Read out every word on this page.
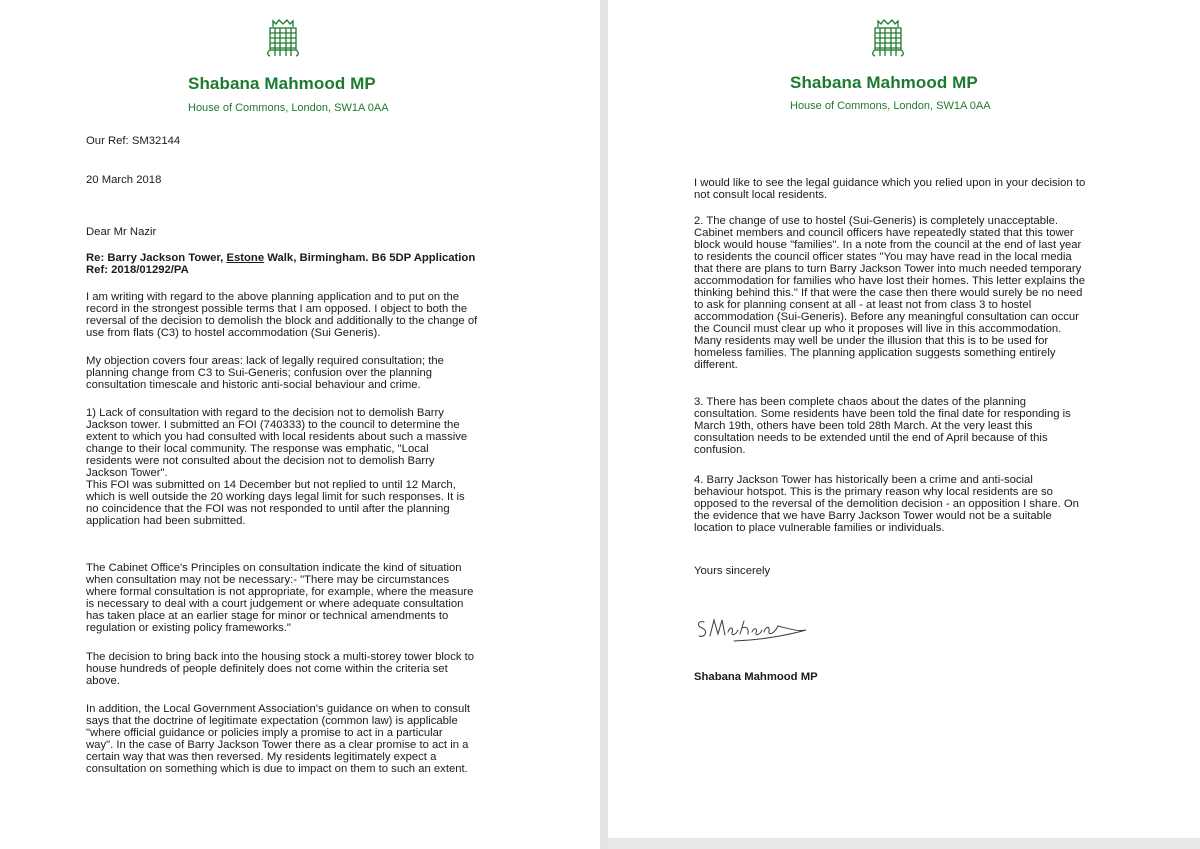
Shabana Mahmood MP
House of Commons, London, SW1A 0AA
Our Ref: SM32144
20 March 2018
Dear Mr Nazir
Re: Barry Jackson Tower, Estone Walk, Birmingham. B6 5DP Application
Ref: 2018/01292/PA
I am writing with regard to the above planning application and to put on the
record in the strongest possible terms that I am opposed. I object to both the
reversal of the decision to demolish the block and additionally to the change of
use from flats (C3) to hostel accommodation (Sui Generis).
My objection covers four areas: lack of legally required consultation; the
planning change from C3 to Sui-Generis; confusion over the planning
consultation timescale and historic anti-social behaviour and crime.
1) Lack of consultation with regard to the decision not to demolish Barry
Jackson tower. I submitted an FOI (740333) to the council to determine the
extent to which you had consulted with local residents about such a massive
change to their local community. The response was emphatic, "Local
residents were not consulted about the decision not to demolish Barry
Jackson Tower".
This FOI was submitted on 14 December but not replied to until 12 March,
which is well outside the 20 working days legal limit for such responses. It is
no coincidence that the FOI was not responded to until after the planning
application had been submitted.
The Cabinet Office's Principles on consultation indicate the kind of situation
when consultation may not be necessary:- "There may be circumstances
where formal consultation is not appropriate, for example, where the measure
is necessary to deal with a court judgement or where adequate consultation
has taken place at an earlier stage for minor or technical amendments to
regulation or existing policy frameworks."
The decision to bring back into the housing stock a multi-storey tower block to
house hundreds of people definitely does not come within the criteria set
above.
In addition, the Local Government Association's guidance on when to consult
says that the doctrine of legitimate expectation (common law) is applicable
"where official guidance or policies imply a promise to act in a particular
way". In the case of Barry Jackson Tower there as a clear promise to act in a
certain way that was then reversed. My residents legitimately expect a
consultation on something which is due to impact on them to such an extent.
Shabana Mahmood MP
House of Commons, London, SW1A 0AA
I would like to see the legal guidance which you relied upon in your decision to
not consult local residents.
2. The change of use to hostel (Sui-Generis) is completely unacceptable.
Cabinet members and council officers have repeatedly stated that this tower
block would house "families". In a note from the council at the end of last year
to residents the council officer states "You may have read in the local media
that there are plans to turn Barry Jackson Tower into much needed temporary
accommodation for families who have lost their homes. This letter explains the
thinking behind this." If that were the case then there would surely be no need
to ask for planning consent at all - at least not from class 3 to hostel
accommodation (Sui-Generis). Before any meaningful consultation can occur
the Council must clear up who it proposes will live in this accommodation.
Many residents may well be under the illusion that this is to be used for
homeless families. The planning application suggests something entirely
different.
3. There has been complete chaos about the dates of the planning
consultation. Some residents have been told the final date for responding is
March 19th, others have been told 28th March. At the very least this
consultation needs to be extended until the end of April because of this
confusion.
4. Barry Jackson Tower has historically been a crime and anti-social
behaviour hotspot. This is the primary reason why local residents are so
opposed to the reversal of the demolition decision - an opposition I share. On
the evidence that we have Barry Jackson Tower would not be a suitable
location to place vulnerable families or individuals.
Yours sincerely
Shabana Mahmood MP
